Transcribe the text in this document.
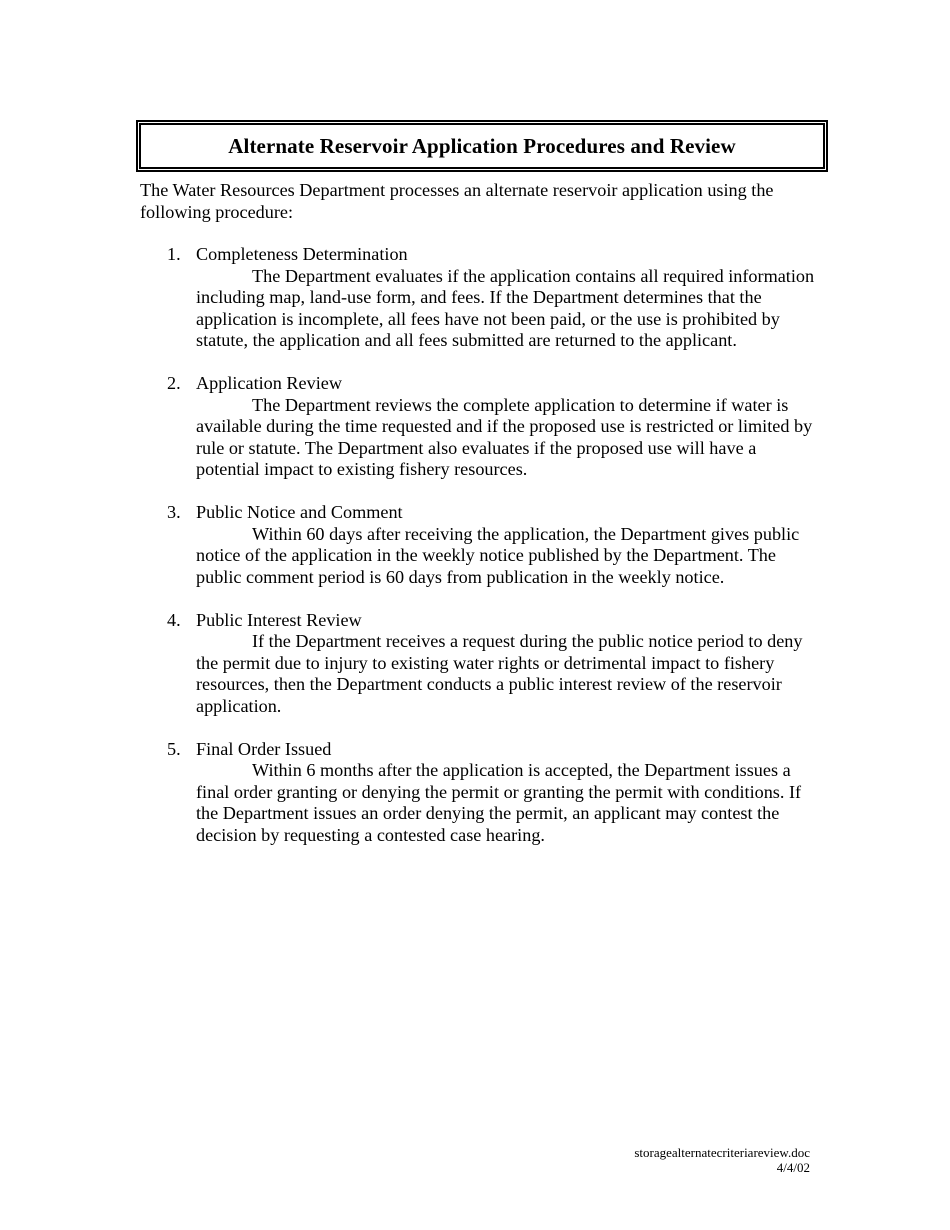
Alternate Reservoir Application Procedures and Review

The Water Resources Department processes an alternate reservoir application using the following procedure:

1. Completeness Determination

The Department evaluates if the application contains all required information including map, land-use form, and fees. If the Department determines that the application is incomplete, all fees have not been paid, or the use is prohibited by statute, the application and all fees submitted are returned to the applicant.

2. Application Review

The Department reviews the complete application to determine if water is available during the time requested and if the proposed use is restricted or limited by rule or statute. The Department also evaluates if the proposed use will have a potential impact to existing fishery resources.

3. Public Notice and Comment

Within 60 days after receiving the application, the Department gives public notice of the application in the weekly notice published by the Department. The public comment period is 60 days from publication in the weekly notice.

4. Public Interest Review

If the Department receives a request during the public notice period to deny the permit due to injury to existing water rights or detrimental impact to fishery resources, then the Department conducts a public interest review of the reservoir application.

5. Final Order Issued

Within 6 months after the application is accepted, the Department issues a final order granting or denying the permit or granting the permit with conditions. If the Department issues an order denying the permit, an applicant may contest the decision by requesting a contested case hearing.

storagealternatecriteriareview.doc
4/4/02
